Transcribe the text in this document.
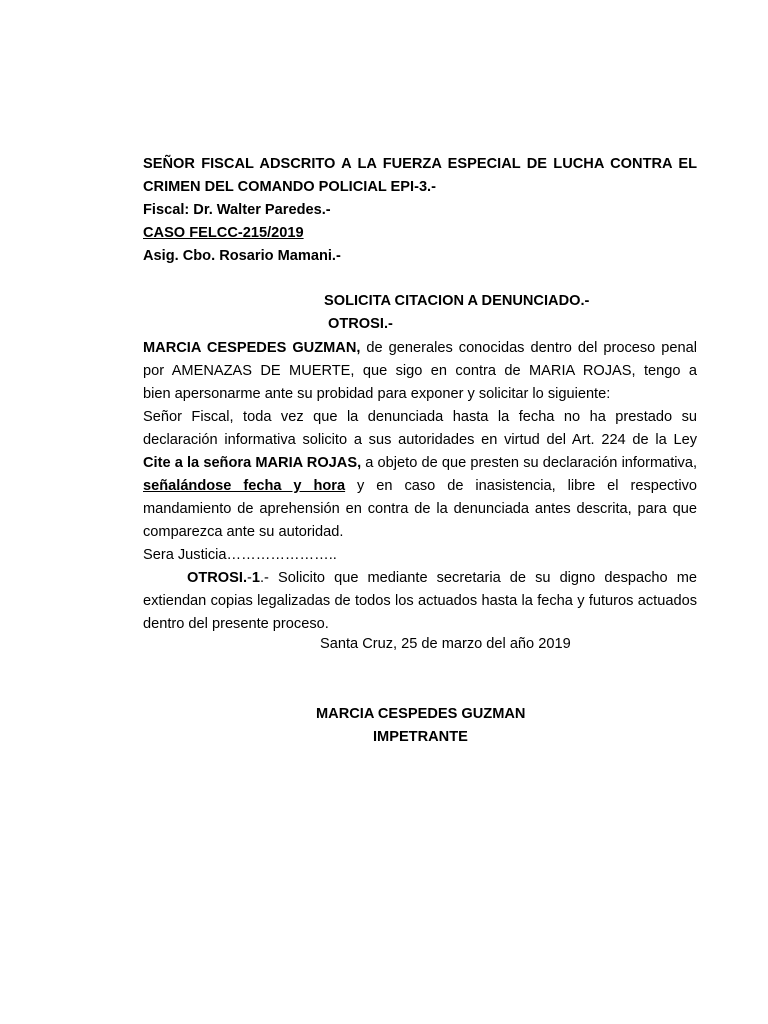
SEÑOR FISCAL ADSCRITO A LA FUERZA ESPECIAL DE LUCHA CONTRA EL
CRIMEN DEL COMANDO POLICIAL EPI-3.-
Fiscal: Dr. Walter Paredes.-
CASO FELCC-215/2019
Asig. Cbo. Rosario Mamani.-
SOLICITA CITACION A DENUNCIADO.-
OTROSI.-
MARCIA CESPEDES GUZMAN, de generales conocidas dentro del proceso penal
por AMENAZAS DE MUERTE, que sigo en contra de MARIA ROJAS, tengo a
bien apersonarme ante su probidad para exponer y solicitar lo siguiente:
Señor Fiscal, toda vez que la denunciada hasta la fecha no ha prestado su
declaración informativa solicito a sus autoridades en virtud del Art. 224 de la Ley
Cite a la señora MARIA ROJAS, a objeto de que presten su declaración informativa,
señalándose fecha y hora y en caso de inasistencia, libre el respectivo
mandamiento de aprehensión en contra de la denunciada antes descrita, para que
comparezca ante su autoridad.
Sera Justicia…………………..
OTROSI.-1.- Solicito que mediante secretaria de su digno despacho me
extiendan copias legalizadas de todos los actuados hasta la fecha y futuros actuados
dentro del presente proceso.
Santa Cruz, 25 de marzo del año 2019
MARCIA CESPEDES GUZMAN
IMPETRANTE
